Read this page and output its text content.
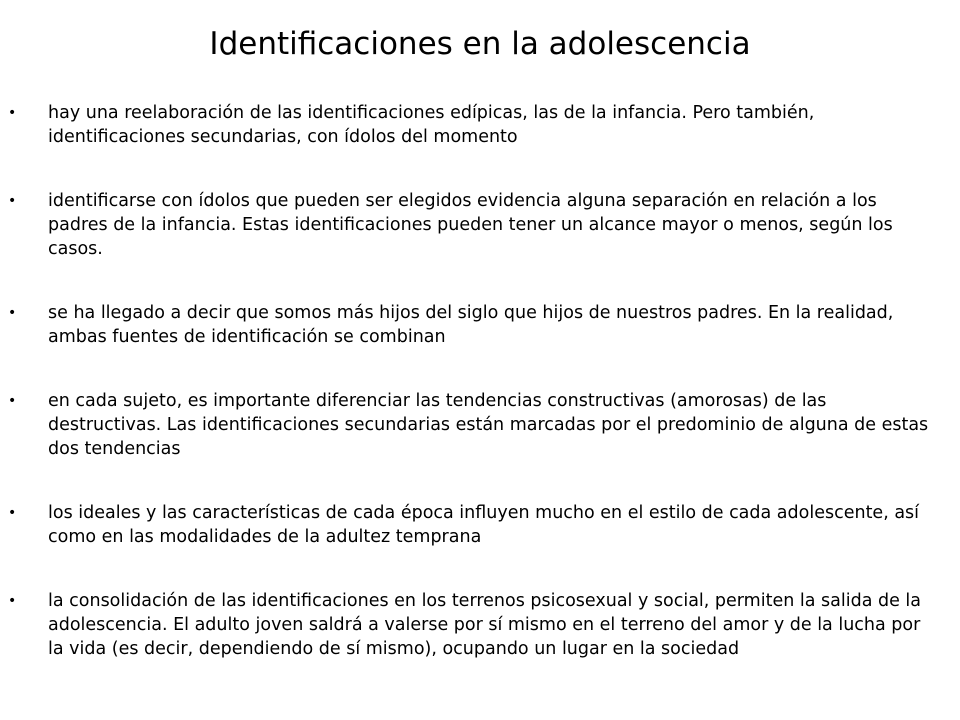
Identificaciones en la adolescencia
• hay una reelaboración de las identificaciones edípicas, las de la infancia. Pero también, identificaciones secundarias, con ídolos del momento
• identificarse con ídolos que pueden ser elegidos evidencia alguna separación en relación a los padres de la infancia. Estas identificaciones pueden tener un alcance mayor o menos, según los casos.
• se ha llegado a decir que somos más hijos del siglo que hijos de nuestros padres. En la realidad, ambas fuentes de identificación se combinan
• en cada sujeto, es importante diferenciar las tendencias constructivas (amorosas) de las destructivas. Las identificaciones secundarias están marcadas por el predominio de alguna de estas dos tendencias
• los ideales y las características de cada época influyen mucho en el estilo de cada adolescente, así como en las modalidades de la adultez temprana
• la consolidación de las identificaciones en los terrenos psicosexual y social, permiten la salida de la adolescencia. El adulto joven saldrá a valerse por sí mismo en el terreno del amor y de la lucha por la vida (es decir, dependiendo de sí mismo), ocupando un lugar en la sociedad
